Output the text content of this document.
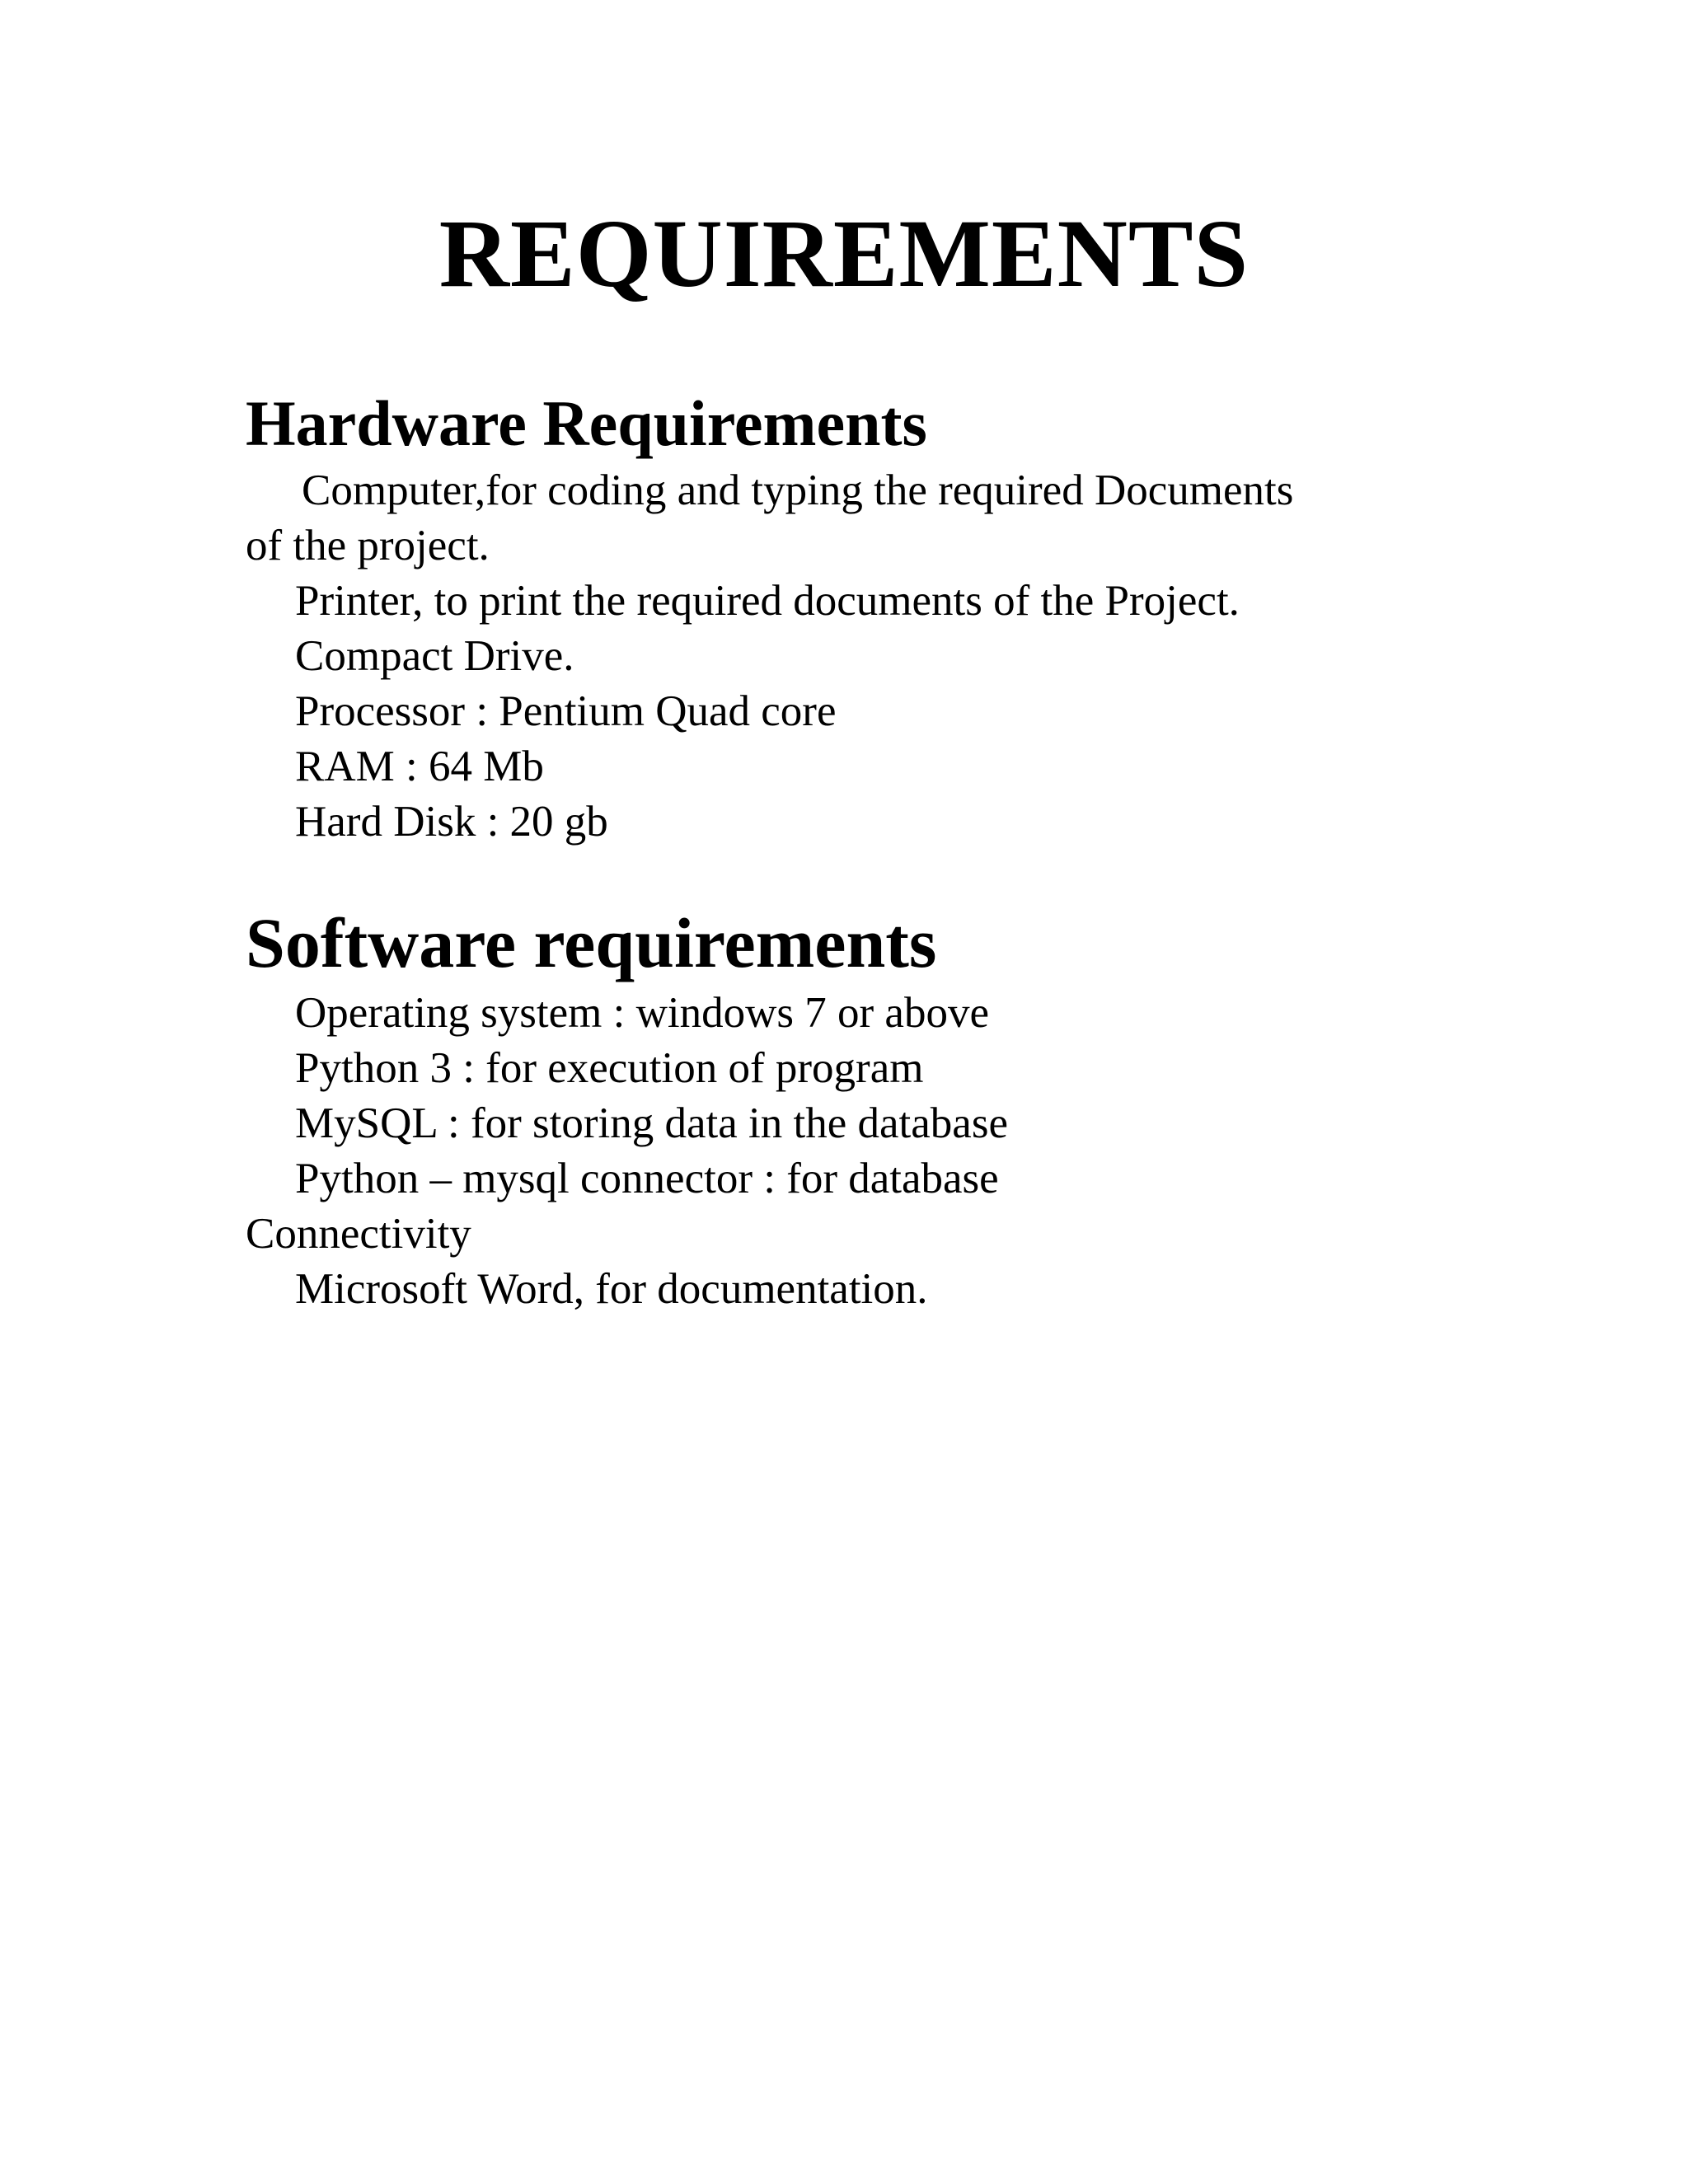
REQUIREMENTS
Hardware Requirements

Computer,for coding and typing the required Documents

of the project.

Printer, to print the required documents of the Project.

Compact Drive.

Processor : Pentium Quad core

RAM : 64 Mb

Hard Disk : 20 gb

Software requirements

Operating system : windows 7 or above

Python 3 : for execution of program

MySQL : for storing data in the database

Python – mysql connector : for database

Connectivity

Microsoft Word, for documentation.
